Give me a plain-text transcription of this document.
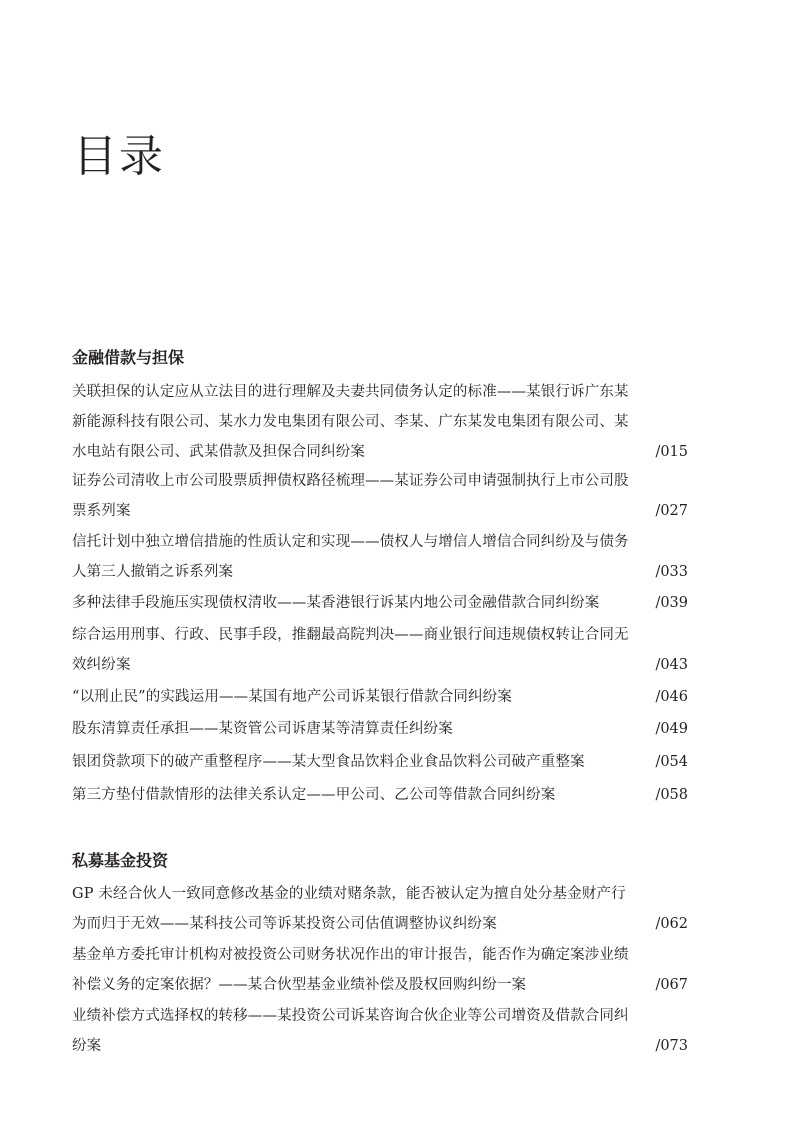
目录
金融借款与担保
关联担保的认定应从立法目的进行理解及夫妻共同债务认定的标准——某银行诉广东某新能源科技有限公司、某水力发电集团有限公司、李某、广东某发电集团有限公司、某水电站有限公司、武某借款及担保合同纠纷案	/015
证券公司清收上市公司股票质押债权路径梳理——某证券公司申请强制执行上市公司股票系列案	/027
信托计划中独立增信措施的性质认定和实现——债权人与增信人增信合同纠纷及与债务人第三人撤销之诉系列案	/033
多种法律手段施压实现债权清收——某香港银行诉某内地公司金融借款合同纠纷案	/039
综合运用刑事、行政、民事手段，推翻最高院判决——商业银行间违规债权转让合同无效纠纷案	/043
“以刑止民”的实践运用——某国有地产公司诉某银行借款合同纠纷案	/046
股东清算责任承担——某资管公司诉唐某等清算责任纠纷案	/049
银团贷款项下的破产重整程序——某大型食品饮料企业食品饮料公司破产重整案	/054
第三方垫付借款情形的法律关系认定——甲公司、乙公司等借款合同纠纷案	/058
私募基金投资
GP 未经合伙人一致同意修改基金的业绩对赌条款，能否被认定为擅自处分基金财产行为而归于无效——某科技公司等诉某投资公司估值调整协议纠纷案	/062
基金单方委托审计机构对被投资公司财务状况作出的审计报告，能否作为确定案涉业绩补偿义务的定案依据？——某合伙型基金业绩补偿及股权回购纠纷一案	/067
业绩补偿方式选择权的转移——某投资公司诉某咨询合伙企业等公司增资及借款合同纠纷案	/073
